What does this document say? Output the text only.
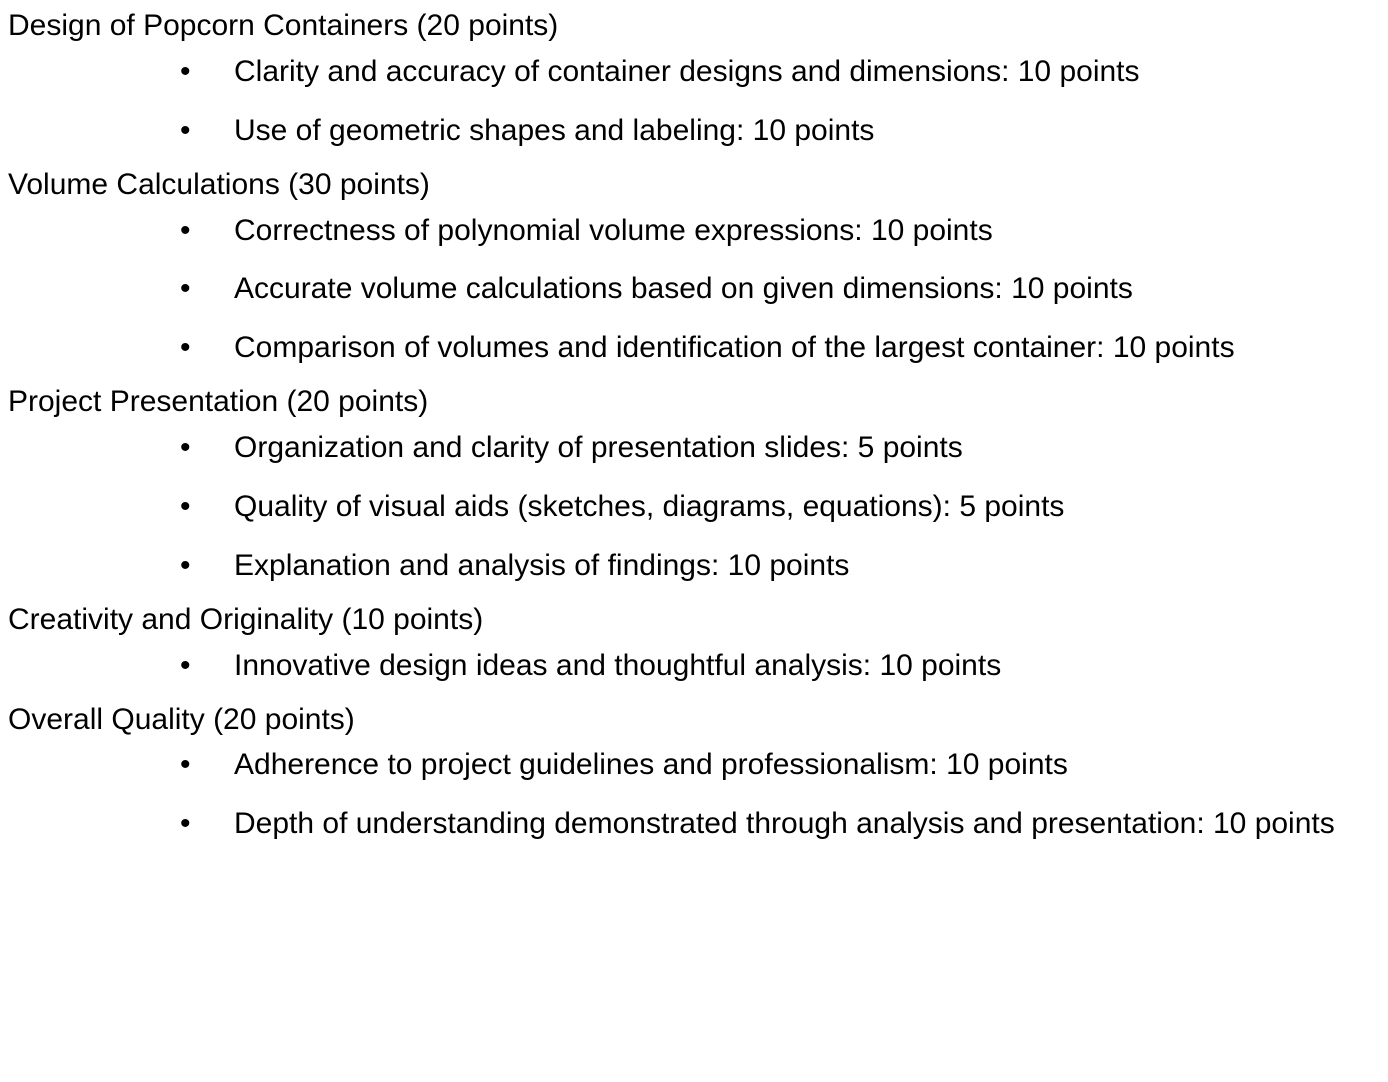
Design of Popcorn Containers (20 points)
• Clarity and accuracy of container designs and dimensions: 10 points
• Use of geometric shapes and labeling: 10 points
Volume Calculations (30 points)
• Correctness of polynomial volume expressions: 10 points
• Accurate volume calculations based on given dimensions: 10 points
• Comparison of volumes and identification of the largest container: 10 points
Project Presentation (20 points)
• Organization and clarity of presentation slides: 5 points
• Quality of visual aids (sketches, diagrams, equations): 5 points
• Explanation and analysis of findings: 10 points
Creativity and Originality (10 points)
• Innovative design ideas and thoughtful analysis: 10 points
Overall Quality (20 points)
• Adherence to project guidelines and professionalism: 10 points
• Depth of understanding demonstrated through analysis and presentation: 10 points
